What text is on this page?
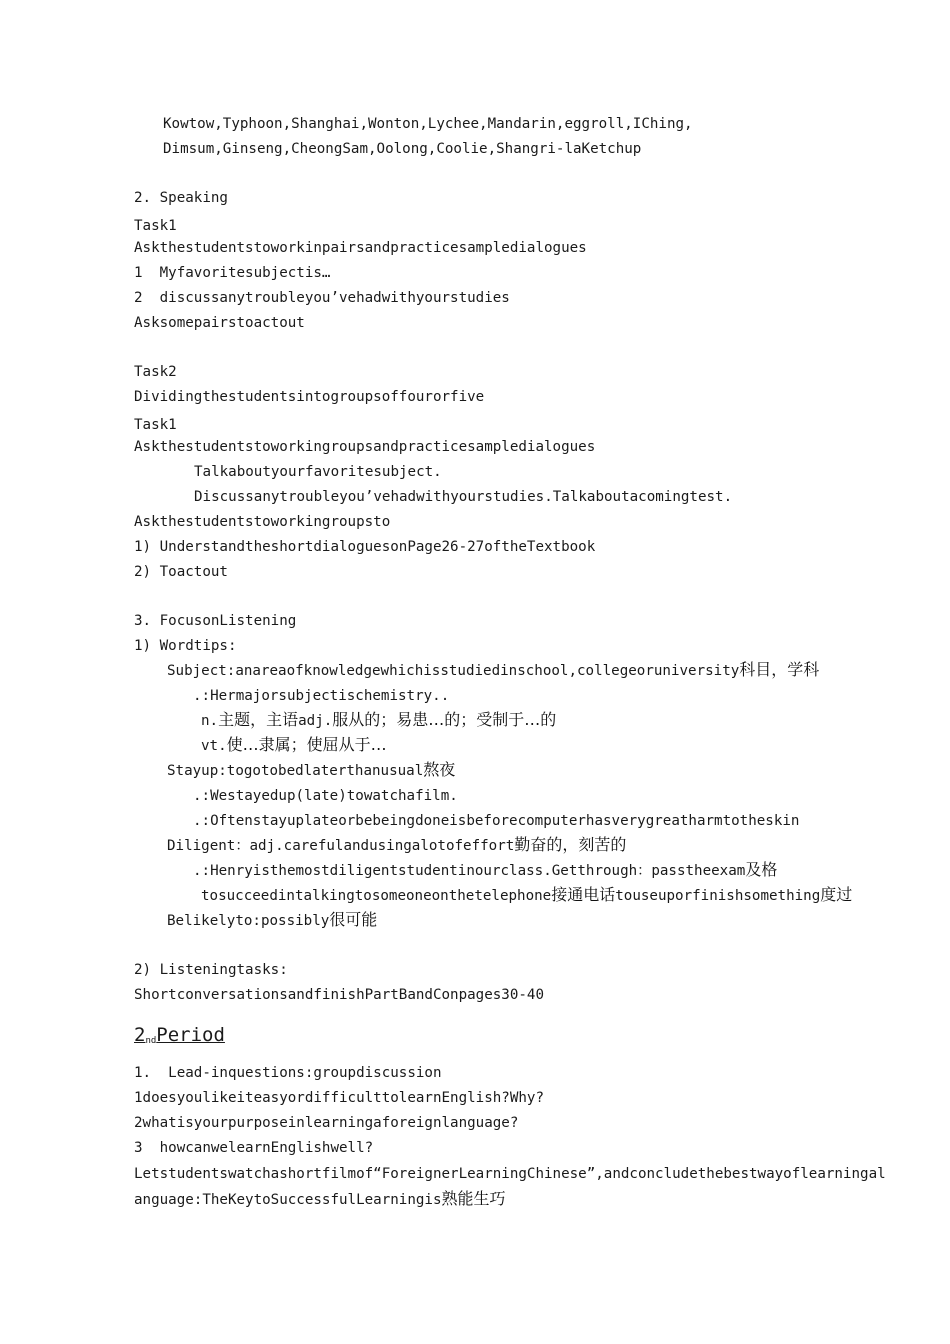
Kowtow,Typhoon,Shanghai,Wonton,Lychee,Mandarin,eggroll,IChing,
Dimsum,Ginseng,CheongSam,Oolong,Coolie,Shangri-laKetchup
2. Speaking
Task1
Askthestudentstoworkinpairsandpracticesampledialogues
1  Myfavoritesubjectis…
2  discussanytroubleyou’vehadwithyourstudies
Asksomepairstoactout
Task2
Dividingthestudentsintogroupsoffourorfive
Task1
Askthestudentstoworkingroupsandpracticesampledialogues
Talkaboutyourfavoritesubject.
Discussanytroubleyou’vehadwithyourstudies.Talkaboutacomingtest.
Askthestudentstoworkingroupsto
1) UnderstandtheshortdialoguesonPage26-27oftheTextbook
2) Toactout
3. FocusonListening
1) Wordtips:
Subject:anareaofknowledgewhichisstudiedinschool,collegeoruniversity科目，学科
.:Hermajorsubjectischemistry..
n.主题，主语adj.服从的；易患…的；受制于…的
vt.使…隶属；使屈从于…
Stayup:togotobedlaterthanusual熬夜
.:Westayedup(late)towatchafilm.
.:Oftenstayuplateorbebeingdoneisbeforecomputerhasverygreatharmtotheskin
Diligent：adj.carefulandusingalotofeffort勤奋的，刻苦的
.:Henryisthemostdiligentstudentinourclass.Getthrough：passtheexam及格
tosucceedintalkingtosomeoneonthetelephone接通电话touseuporfinishsomething度过
Belikelyto:possibly很可能
2) Listeningtasks:
ShortconversationsandfinishPartBandConpages30-40
$2_{nd}Period$
1.  Lead-inquestions:groupdiscussion
1doesyoulikeiteasyordifficulttolearnEnglish?Why?
2whatisyourpurposeinlearningaforeignlanguage?
3  howcanwelearnEnglishwell?
Letstudentswatchashortfilmof“ForeignerLearningChinese”,andconcludethebestwayoflearningal
anguage:TheKeytoSuccessfulLearningis熟能生巧
